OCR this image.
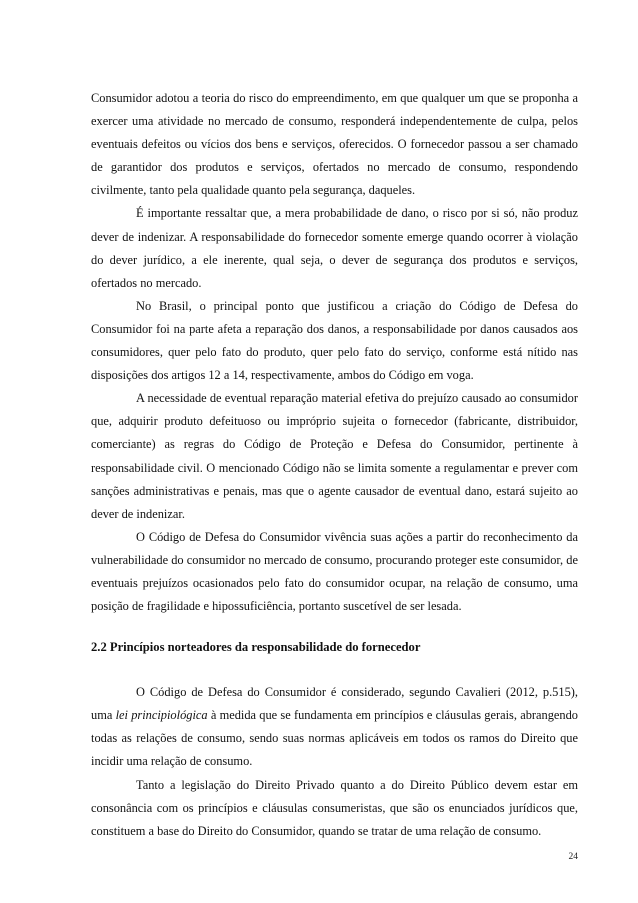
Consumidor adotou a teoria do risco do empreendimento, em que qualquer um que se proponha a exercer uma atividade no mercado de consumo, responderá independentemente de culpa, pelos eventuais defeitos ou vícios dos bens e serviços, oferecidos. O fornecedor passou a ser chamado de garantidor dos produtos e serviços, ofertados no mercado de consumo, respondendo civilmente, tanto pela qualidade quanto pela segurança, daqueles.

É importante ressaltar que, a mera probabilidade de dano, o risco por si só, não produz dever de indenizar. A responsabilidade do fornecedor somente emerge quando ocorrer à violação do dever jurídico, a ele inerente, qual seja, o dever de segurança dos produtos e serviços, ofertados no mercado.

No Brasil, o principal ponto que justificou a criação do Código de Defesa do Consumidor foi na parte afeta a reparação dos danos, a responsabilidade por danos causados aos consumidores, quer pelo fato do produto, quer pelo fato do serviço, conforme está nítido nas disposições dos artigos 12 a 14, respectivamente, ambos do Código em voga.

A necessidade de eventual reparação material efetiva do prejuízo causado ao consumidor que, adquirir produto defeituoso ou impróprio sujeita o fornecedor (fabricante, distribuidor, comerciante) as regras do Código de Proteção e Defesa do Consumidor, pertinente à responsabilidade civil. O mencionado Código não se limita somente a regulamentar e prever com sanções administrativas e penais, mas que o agente causador de eventual dano, estará sujeito ao dever de indenizar.

O Código de Defesa do Consumidor vivência suas ações a partir do reconhecimento da vulnerabilidade do consumidor no mercado de consumo, procurando proteger este consumidor, de eventuais prejuízos ocasionados pelo fato do consumidor ocupar, na relação de consumo, uma posição de fragilidade e hipossuficiência, portanto suscetível de ser lesada.

2.2 Princípios norteadores da responsabilidade do fornecedor

O Código de Defesa do Consumidor é considerado, segundo Cavalieri (2012, p.515), uma lei principiológica à medida que se fundamenta em princípios e cláusulas gerais, abrangendo todas as relações de consumo, sendo suas normas aplicáveis em todos os ramos do Direito que incidir uma relação de consumo.

Tanto a legislação do Direito Privado quanto a do Direito Público devem estar em consonância com os princípios e cláusulas consumeristas, que são os enunciados jurídicos que, constituem a base do Direito do Consumidor, quando se tratar de uma relação de consumo.

24
